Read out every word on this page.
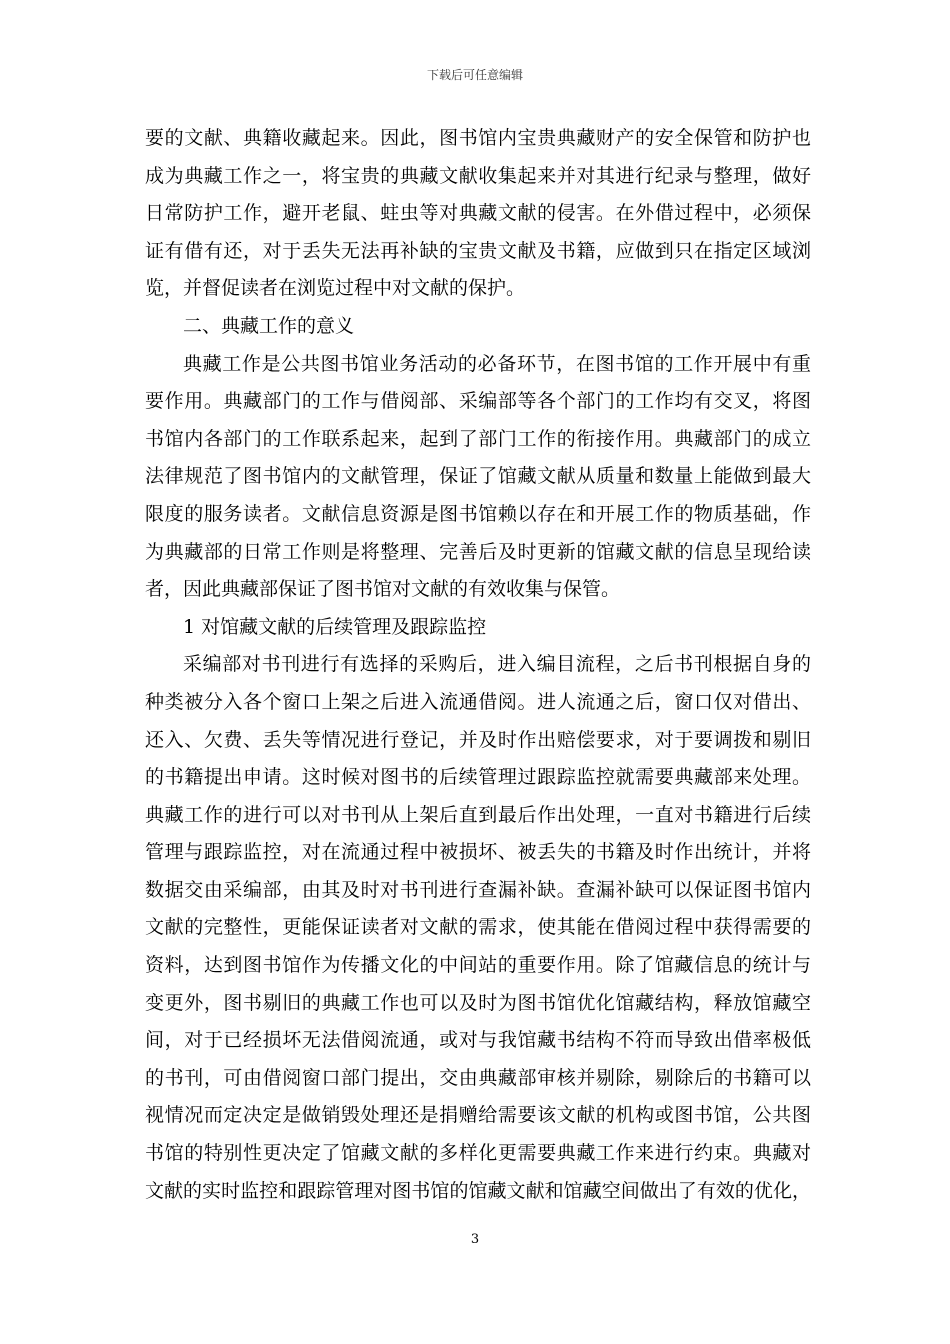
下载后可任意编辑
要的文献、典籍收藏起来。因此，图书馆内宝贵典藏财产的安全保管和防护也
成为典藏工作之一，将宝贵的典藏文献收集起来并对其进行纪录与整理，做好
日常防护工作，避开老鼠、蛀虫等对典藏文献的侵害。在外借过程中，必须保
证有借有还，对于丢失无法再补缺的宝贵文献及书籍，应做到只在指定区域浏
览，并督促读者在浏览过程中对文献的保护。
二、典藏工作的意义
典藏工作是公共图书馆业务活动的必备环节，在图书馆的工作开展中有重
要作用。典藏部门的工作与借阅部、采编部等各个部门的工作均有交叉，将图
书馆内各部门的工作联系起来，起到了部门工作的衔接作用。典藏部门的成立
法律规范了图书馆内的文献管理，保证了馆藏文献从质量和数量上能做到最大
限度的服务读者。文献信息资源是图书馆赖以存在和开展工作的物质基础，作
为典藏部的日常工作则是将整理、完善后及时更新的馆藏文献的信息呈现给读
者，因此典藏部保证了图书馆对文献的有效收集与保管。
1 对馆藏文献的后续管理及跟踪监控
采编部对书刊进行有选择的采购后，进入编目流程，之后书刊根据自身的
种类被分入各个窗口上架之后进入流通借阅。进人流通之后，窗口仅对借出、
还入、欠费、丢失等情况进行登记，并及时作出赔偿要求，对于要调拨和剔旧
的书籍提出申请。这时候对图书的后续管理过跟踪监控就需要典藏部来处理。
典藏工作的进行可以对书刊从上架后直到最后作出处理，一直对书籍进行后续
管理与跟踪监控，对在流通过程中被损坏、被丢失的书籍及时作出统计，并将
数据交由采编部，由其及时对书刊进行查漏补缺。查漏补缺可以保证图书馆内
文献的完整性，更能保证读者对文献的需求，使其能在借阅过程中获得需要的
资料，达到图书馆作为传播文化的中间站的重要作用。除了馆藏信息的统计与
变更外，图书剔旧的典藏工作也可以及时为图书馆优化馆藏结构，释放馆藏空
间，对于已经损坏无法借阅流通，或对与我馆藏书结构不符而导致出借率极低
的书刊，可由借阅窗口部门提出，交由典藏部审核并剔除，剔除后的书籍可以
视情况而定决定是做销毁处理还是捐赠给需要该文献的机构或图书馆，公共图
书馆的特别性更决定了馆藏文献的多样化更需要典藏工作来进行约束。典藏对
文献的实时监控和跟踪管理对图书馆的馆藏文献和馆藏空间做出了有效的优化，
3
